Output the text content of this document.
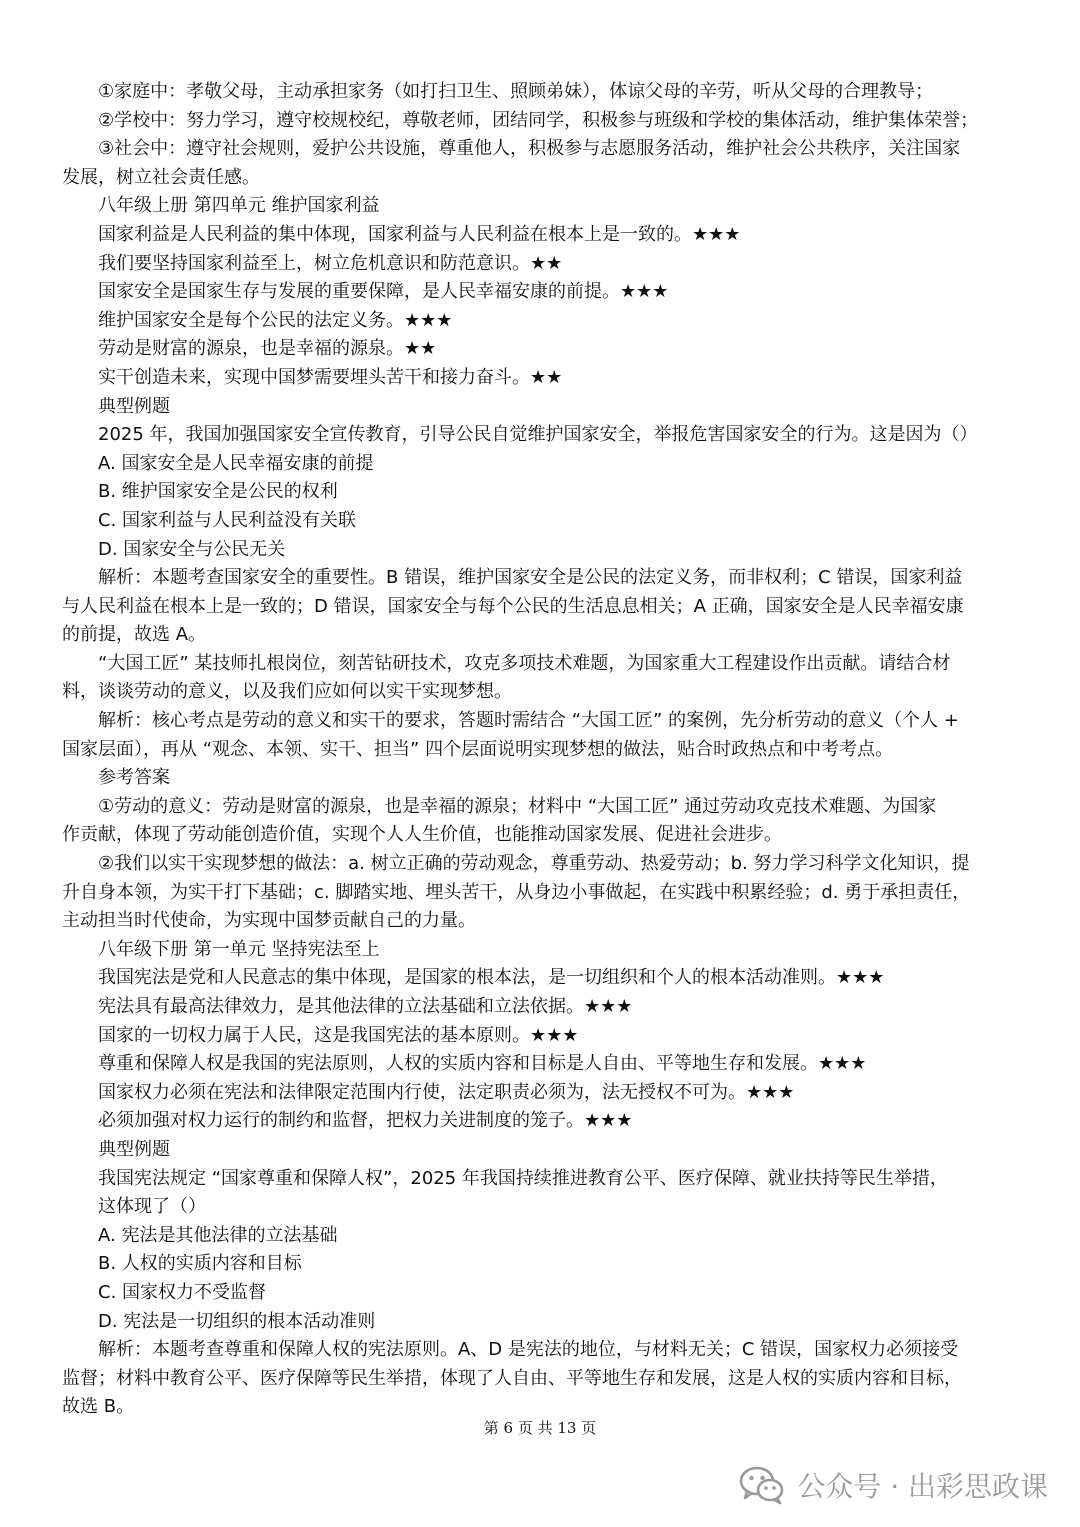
①家庭中：孝敬父母，主动承担家务（如打扫卫生、照顾弟妹），体谅父母的辛劳，听从父母的合理教导；

②学校中：努力学习，遵守校规校纪，尊敬老师，团结同学，积极参与班级和学校的集体活动，维护集体荣誉；

③社会中：遵守社会规则，爱护公共设施，尊重他人，积极参与志愿服务活动，维护社会公共秩序，关注国家

发展，树立社会责任感。

八年级上册 第四单元 维护国家利益

国家利益是人民利益的集中体现，国家利益与人民利益在根本上是一致的。★★★

我们要坚持国家利益至上，树立危机意识和防范意识。★★

国家安全是国家生存与发展的重要保障，是人民幸福安康的前提。★★★

维护国家安全是每个公民的法定义务。★★★

劳动是财富的源泉，也是幸福的源泉。★★

实干创造未来，实现中国梦需要埋头苦干和接力奋斗。★★

典型例题

2025 年，我国加强国家安全宣传教育，引导公民自觉维护国家安全，举报危害国家安全的行为。这是因为（）

A. 国家安全是人民幸福安康的前提

B. 维护国家安全是公民的权利

C. 国家利益与人民利益没有关联

D. 国家安全与公民无关

解析：本题考查国家安全的重要性。B 错误，维护国家安全是公民的法定义务，而非权利；C 错误，国家利益

与人民利益在根本上是一致的；D 错误，国家安全与每个公民的生活息息相关；A 正确，国家安全是人民幸福安康

的前提，故选 A。

“大国工匠” 某技师扎根岗位，刻苦钻研技术，攻克多项技术难题，为国家重大工程建设作出贡献。请结合材

料，谈谈劳动的意义，以及我们应如何以实干实现梦想。

解析：核心考点是劳动的意义和实干的要求，答题时需结合 “大国工匠” 的案例，先分析劳动的意义（个人 +

国家层面），再从 “观念、本领、实干、担当” 四个层面说明实现梦想的做法，贴合时政热点和中考考点。

参考答案

①劳动的意义：劳动是财富的源泉，也是幸福的源泉；材料中 “大国工匠” 通过劳动攻克技术难题、为国家

作贡献，体现了劳动能创造价值，实现个人人生价值，也能推动国家发展、促进社会进步。

②我们以实干实现梦想的做法：a. 树立正确的劳动观念，尊重劳动、热爱劳动；b. 努力学习科学文化知识，提

升自身本领，为实干打下基础；c. 脚踏实地、埋头苦干，从身边小事做起，在实践中积累经验；d. 勇于承担责任，

主动担当时代使命，为实现中国梦贡献自己的力量。

八年级下册 第一单元 坚持宪法至上

我国宪法是党和人民意志的集中体现，是国家的根本法，是一切组织和个人的根本活动准则。★★★

宪法具有最高法律效力，是其他法律的立法基础和立法依据。★★★

国家的一切权力属于人民，这是我国宪法的基本原则。★★★

尊重和保障人权是我国的宪法原则，人权的实质内容和目标是人自由、平等地生存和发展。★★★

国家权力必须在宪法和法律限定范围内行使，法定职责必须为，法无授权不可为。★★★

必须加强对权力运行的制约和监督，把权力关进制度的笼子。★★★

典型例题

我国宪法规定 “国家尊重和保障人权”，2025 年我国持续推进教育公平、医疗保障、就业扶持等民生举措，

这体现了（）

A. 宪法是其他法律的立法基础

B. 人权的实质内容和目标

C. 国家权力不受监督

D. 宪法是一切组织的根本活动准则

解析：本题考查尊重和保障人权的宪法原则。A、D 是宪法的地位，与材料无关；C 错误，国家权力必须接受

监督；材料中教育公平、医疗保障等民生举措，体现了人自由、平等地生存和发展，这是人权的实质内容和目标，

故选 B。

第 6 页 共 13 页
公众号 · 出彩思政课
